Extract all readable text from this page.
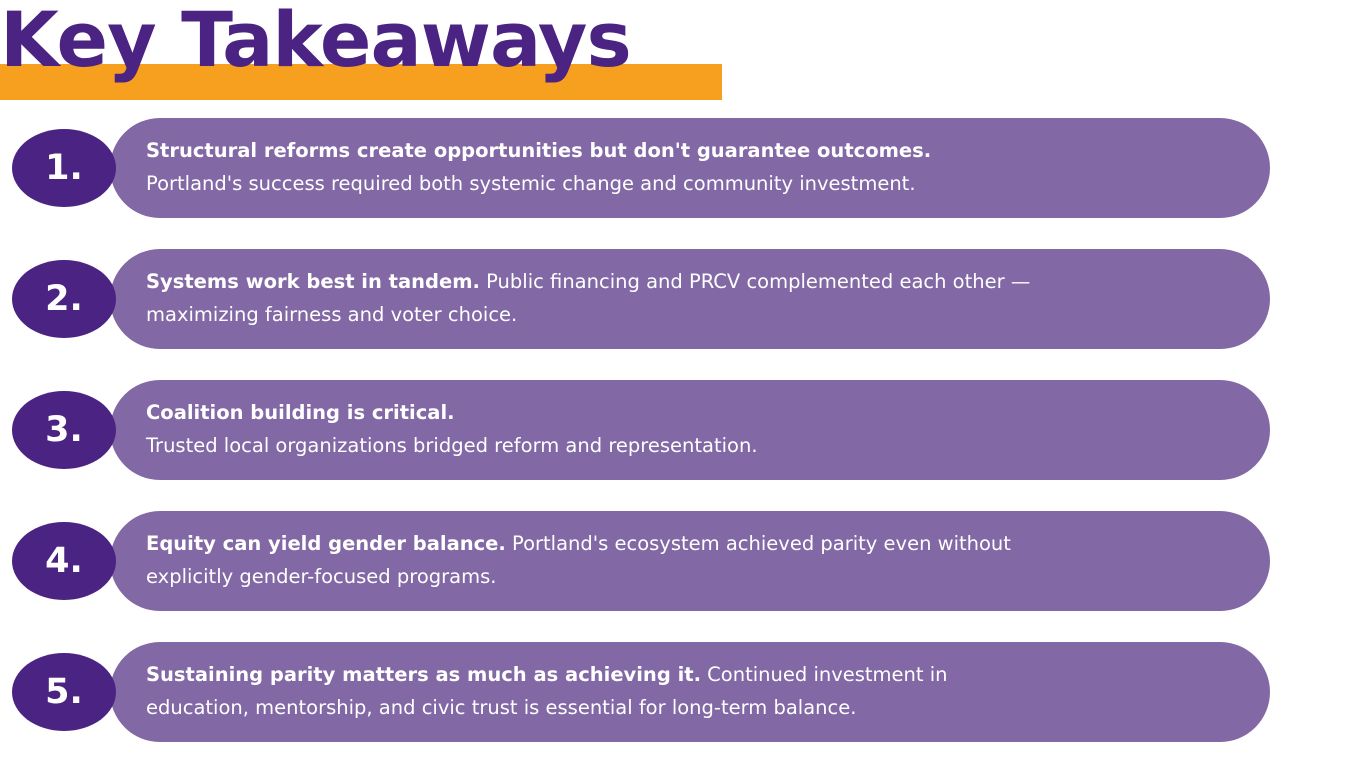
Key Takeaways
1.	Structural reforms create opportunities but don't guarantee outcomes.
Portland's success required both systemic change and community investment.
2.	Systems work best in tandem. Public financing and PRCV complemented each other —
maximizing fairness and voter choice.
3.	Coalition building is critical.
Trusted local organizations bridged reform and representation.
4.	Equity can yield gender balance. Portland's ecosystem achieved parity even without
explicitly gender-focused programs.
5.	Sustaining parity matters as much as achieving it. Continued investment in
education, mentorship, and civic trust is essential for long-term balance.
